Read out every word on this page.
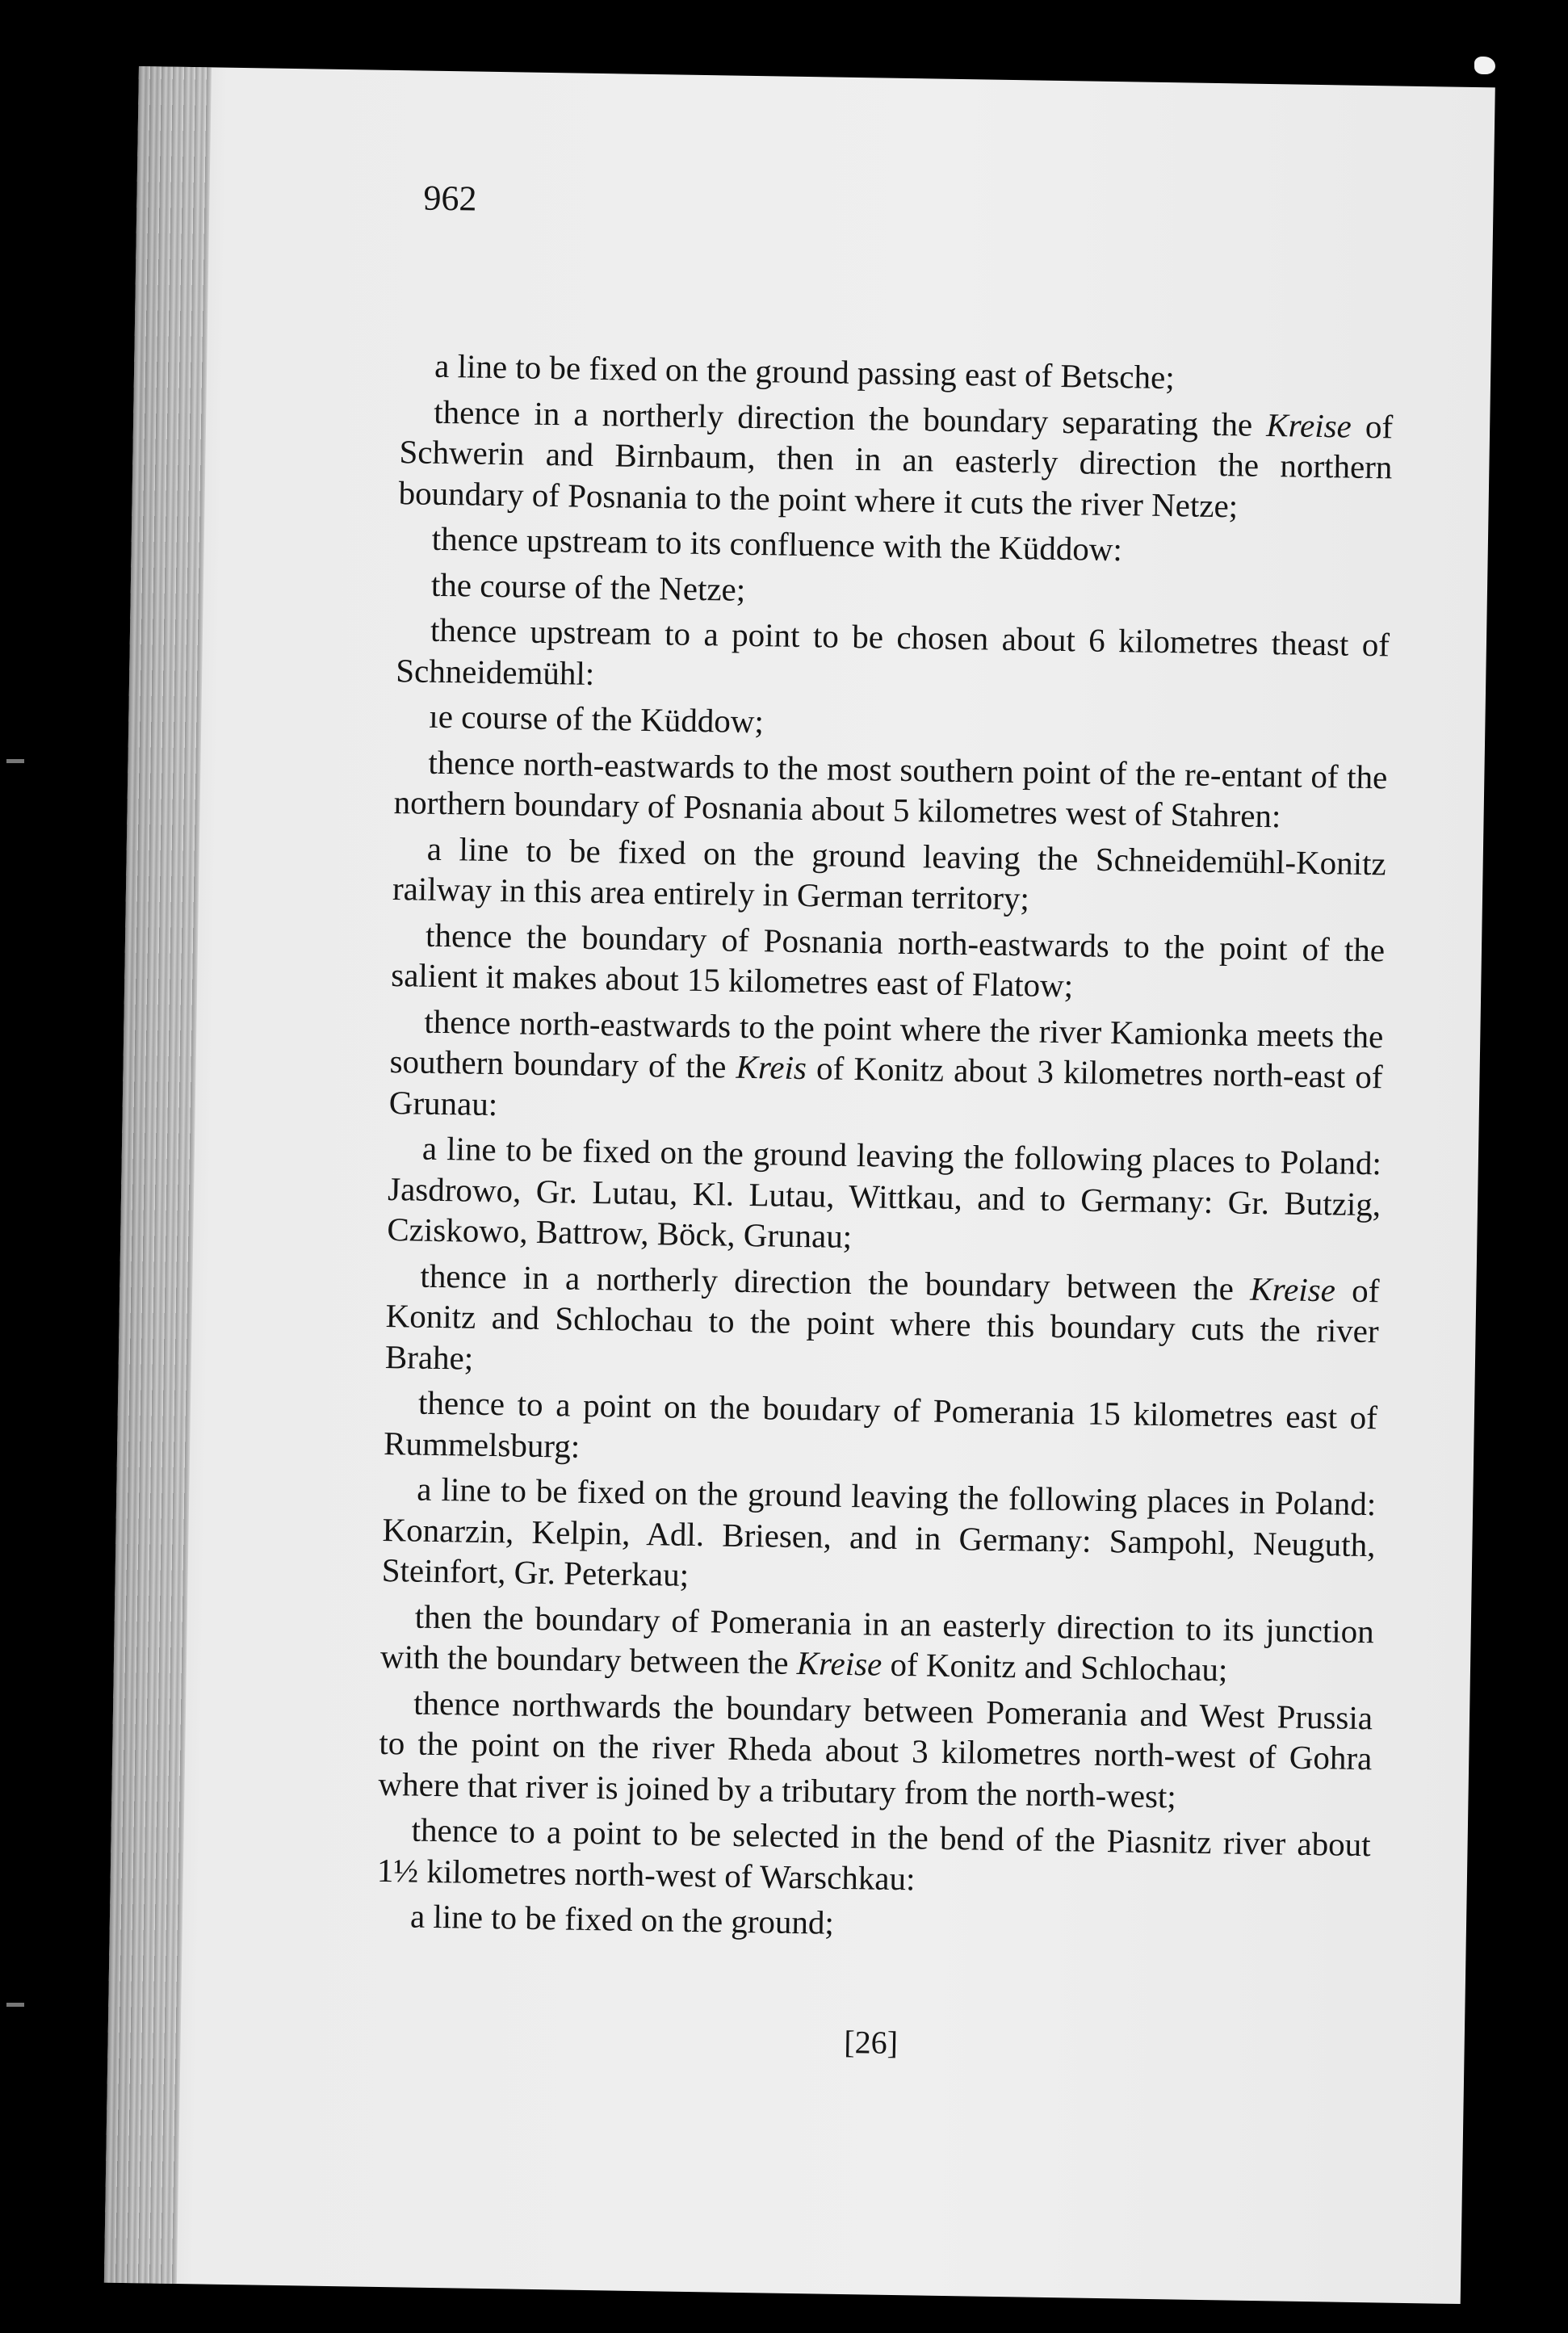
962

a line to be fixed on the ground passing east of Betsche;

thence in a northerly direction the boundary separating the Kreise of Schwerin and Birnbaum, then in an easterly direction the northern boundary of Posnania to the point where it cuts the river Netze;

thence upstream to its confluence with the Küddow:

the course of the Netze;

thence upstream to a point to be chosen about 6 kilometres theast of Schneidemühl:

ıe course of the Küddow;

thence north-eastwards to the most southern point of the re-entant of the northern boundary of Posnania about 5 kilometres west of Stahren:

a line to be fixed on the ground leaving the Schneidemühl-Konitz railway in this area entirely in German territory;

thence the boundary of Posnania north-eastwards to the point of the salient it makes about 15 kilometres east of Flatow;

thence north-eastwards to the point where the river Kamionka meets the southern boundary of the Kreis of Konitz about 3 kilometres north-east of Grunau:

a line to be fixed on the ground leaving the following places to Poland: Jasdrowo, Gr. Lutau, Kl. Lutau, Wittkau, and to Germany: Gr. Butzig, Cziskowo, Battrow, Böck, Grunau;

thence in a northerly direction the boundary between the Kreise of Konitz and Schlochau to the point where this boundary cuts the river Brahe;

thence to a point on the bouıdary of Pomerania 15 kilometres east of Rummelsburg:

a line to be fixed on the ground leaving the following places in Poland: Konarzin, Kelpin, Adl. Briesen, and in Germany: Sampohl, Neuguth, Steinfort, Gr. Peterkau;

then the boundary of Pomerania in an easterly direction to its junction with the boundary between the Kreise of Konitz and Schlochau;

thence northwards the boundary between Pomerania and West Prussia to the point on the river Rheda about 3 kilometres north-west of Gohra where that river is joined by a tributary from the north-west;

thence to a point to be selected in the bend of the Piasnitz river about 1½ kilometres north-west of Warschkau:

a line to be fixed on the ground;

[26]
